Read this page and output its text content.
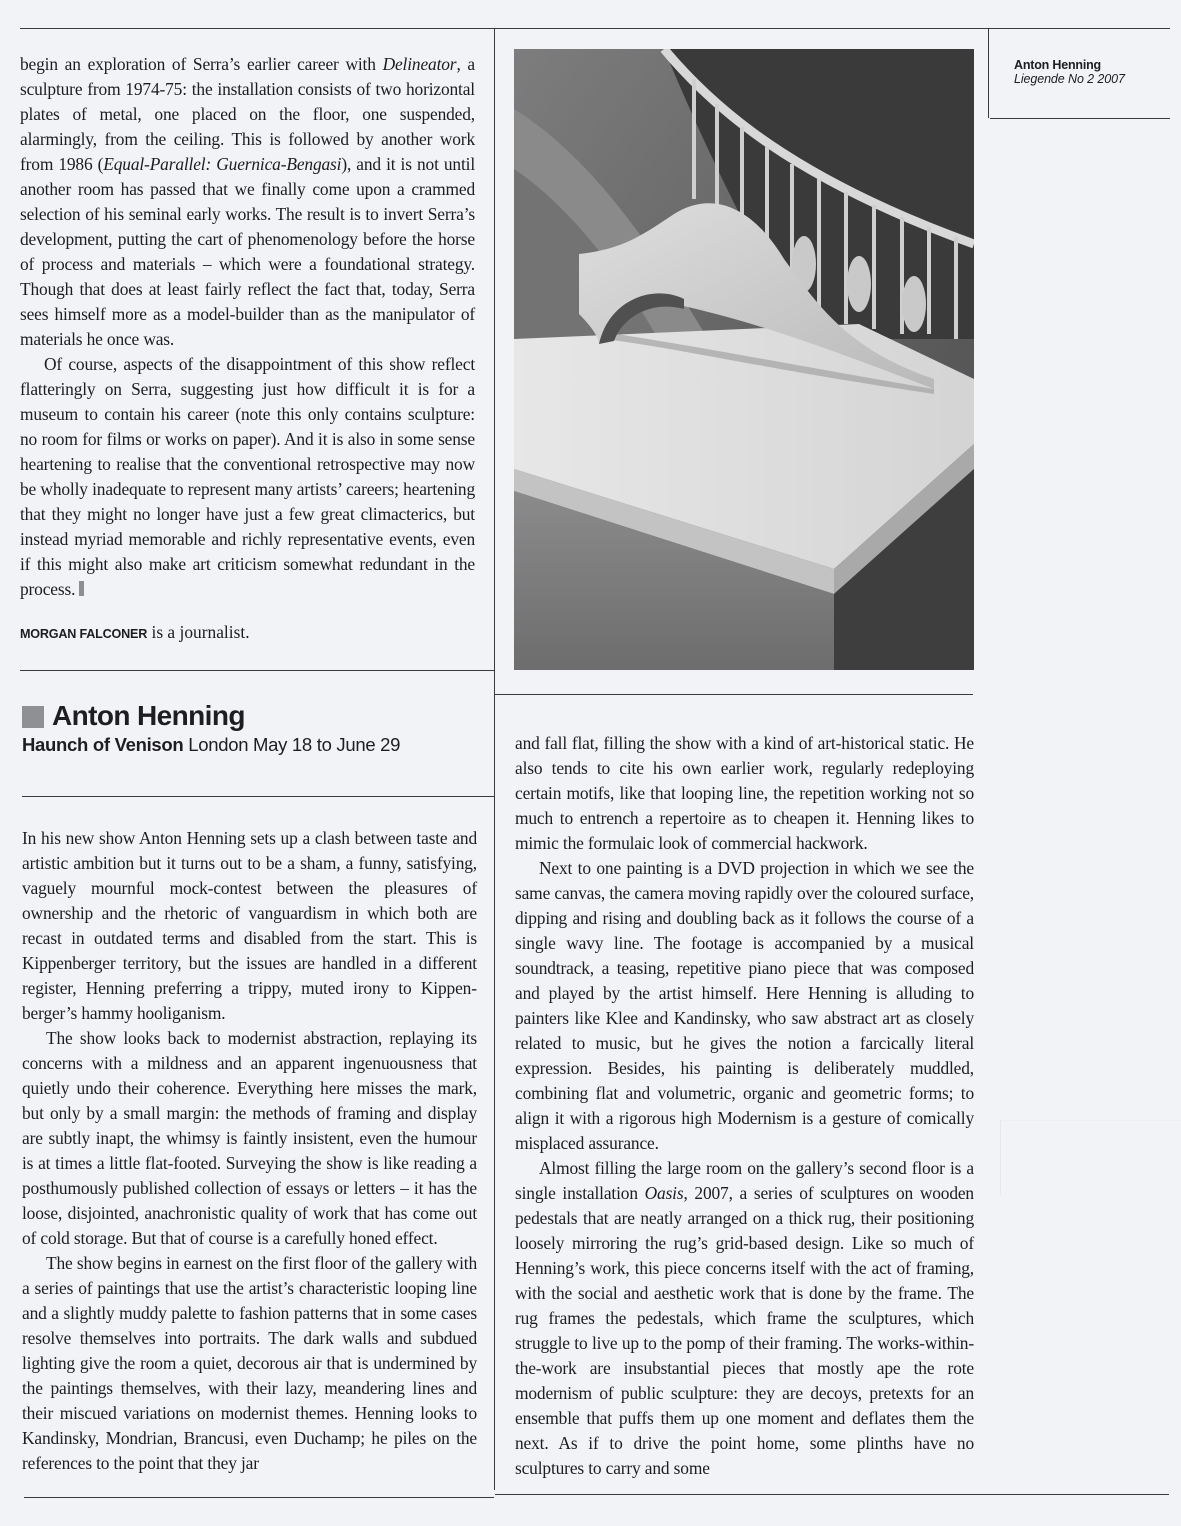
begin an exploration of Serra’s earlier career with Delineator, a sculpture from 1974-75: the installation consists of two horizontal plates of metal, one placed on the floor, one suspended, alarmingly, from the ceiling. This is followed by another work from 1986 (Equal-Parallel: Guernica-Bengasi), and it is not until another room has passed that we finally come upon a crammed selection of his seminal early works. The result is to invert Serra’s development, putting the cart of phenomenology before the horse of process and materials – which were a foundational strategy. Though that does at least fairly reflect the fact that, today, Serra sees himself more as a model-builder than as the manipulator of materials he once was.

Of course, aspects of the disappointment of this show reflect flatteringly on Serra, suggesting just how difficult it is for a museum to contain his career (note this only contains sculpture: no room for films or works on paper). And it is also in some sense heartening to realise that the conventional retrospective may now be wholly inadequate to represent many artists’ careers; heartening that they might no longer have just a few great climacterics, but instead myriad memorable and richly representative events, even if this might also make art criticism somewhat redundant in the process.

MORGAN FALCONER is a journalist.
Anton Henning
Haunch of Venison London May 18 to June 29

In his new show Anton Henning sets up a clash between taste and artistic ambition but it turns out to be a sham, a funny, satisfying, vaguely mournful mock-contest between the pleasures of ownership and the rhetoric of vanguardism in which both are recast in outdated terms and disabled from the start. This is Kippenberger territory, but the issues are handled in a different register, Henning preferring a trippy, muted irony to Kippenberger’s hammy hooliganism.

The show looks back to modernist abstraction, replaying its concerns with a mildness and an apparent ingenuousness that quietly undo their coherence. Everything here misses the mark, but only by a small margin: the methods of framing and display are subtly inapt, the whimsy is faintly insistent, even the humour is at times a little flat-footed. Surveying the show is like reading a posthumously published collection of essays or letters – it has the loose, disjointed, anachronistic quality of work that has come out of cold storage. But that of course is a carefully honed effect.

The show begins in earnest on the first floor of the gallery with a series of paintings that use the artist’s characteristic looping line and a slightly muddy palette to fashion patterns that in some cases resolve themselves into portraits. The dark walls and subdued lighting give the room a quiet, decorous air that is undermined by the paintings themselves, with their lazy, meandering lines and their miscued variations on modernist themes. Henning looks to Kandinsky, Mondrian, Brancusi, even Duchamp; he piles on the references to the point that they jar

Anton Henning
Liegende No 2 2007

and fall flat, filling the show with a kind of art-historical static. He also tends to cite his own earlier work, regularly redeploying certain motifs, like that looping line, the repetition working not so much to entrench a repertoire as to cheapen it. Henning likes to mimic the formulaic look of commercial hackwork.

Next to one painting is a DVD projection in which we see the same canvas, the camera moving rapidly over the coloured surface, dipping and rising and doubling back as it follows the course of a single wavy line. The footage is accompanied by a musical soundtrack, a teasing, repetitive piano piece that was composed and played by the artist himself. Here Henning is alluding to painters like Klee and Kandinsky, who saw abstract art as closely related to music, but he gives the notion a farcically literal expression. Besides, his painting is deliberately muddled, combining flat and volumetric, organic and geometric forms; to align it with a rigorous high Modernism is a gesture of comically misplaced assurance.

Almost filling the large room on the gallery’s second floor is a single installation Oasis, 2007, a series of sculptures on wooden pedestals that are neatly arranged on a thick rug, their positioning loosely mirroring the rug’s grid-based design. Like so much of Henning’s work, this piece concerns itself with the act of framing, with the social and aesthetic work that is done by the frame. The rug frames the pedestals, which frame the sculptures, which struggle to live up to the pomp of their framing. The works-within-the-work are insubstantial pieces that mostly ape the rote modernism of public sculpture: they are decoys, pretexts for an ensemble that puffs them up one moment and deflates them the next. As if to drive the point home, some plinths have no sculptures to carry and some
